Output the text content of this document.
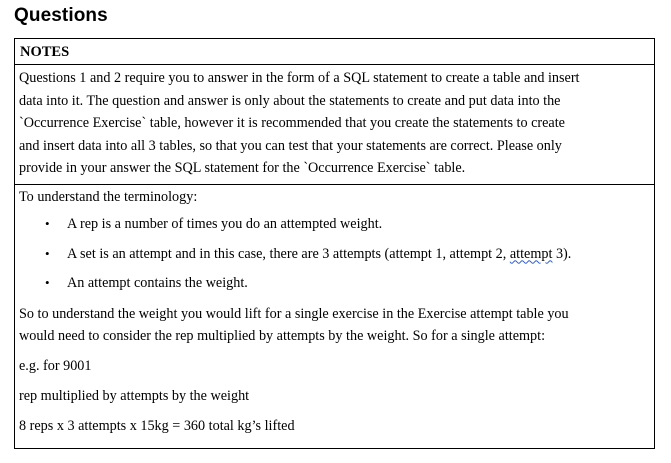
Questions
NOTES

Questions 1 and 2 require you to answer in the form of a SQL statement to create a table and insert

data into it. The question and answer is only about the statements to create and put data into the

`Occurrence Exercise` table, however it is recommended that you create the statements to create

and insert data into all 3 tables, so that you can test that your statements are correct. Please only

provide in your answer the SQL statement for the `Occurrence Exercise` table.

To understand the terminology:

• A rep is a number of times you do an attempted weight.
• A set is an attempt and in this case, there are 3 attempts (attempt 1, attempt 2, attempt 3).
• An attempt contains the weight.

So to understand the weight you would lift for a single exercise in the Exercise attempt table you

would need to consider the rep multiplied by attempts by the weight. So for a single attempt:

e.g. for 9001

rep multiplied by attempts by the weight

8 reps x 3 attempts x 15kg = 360 total kg’s lifted
